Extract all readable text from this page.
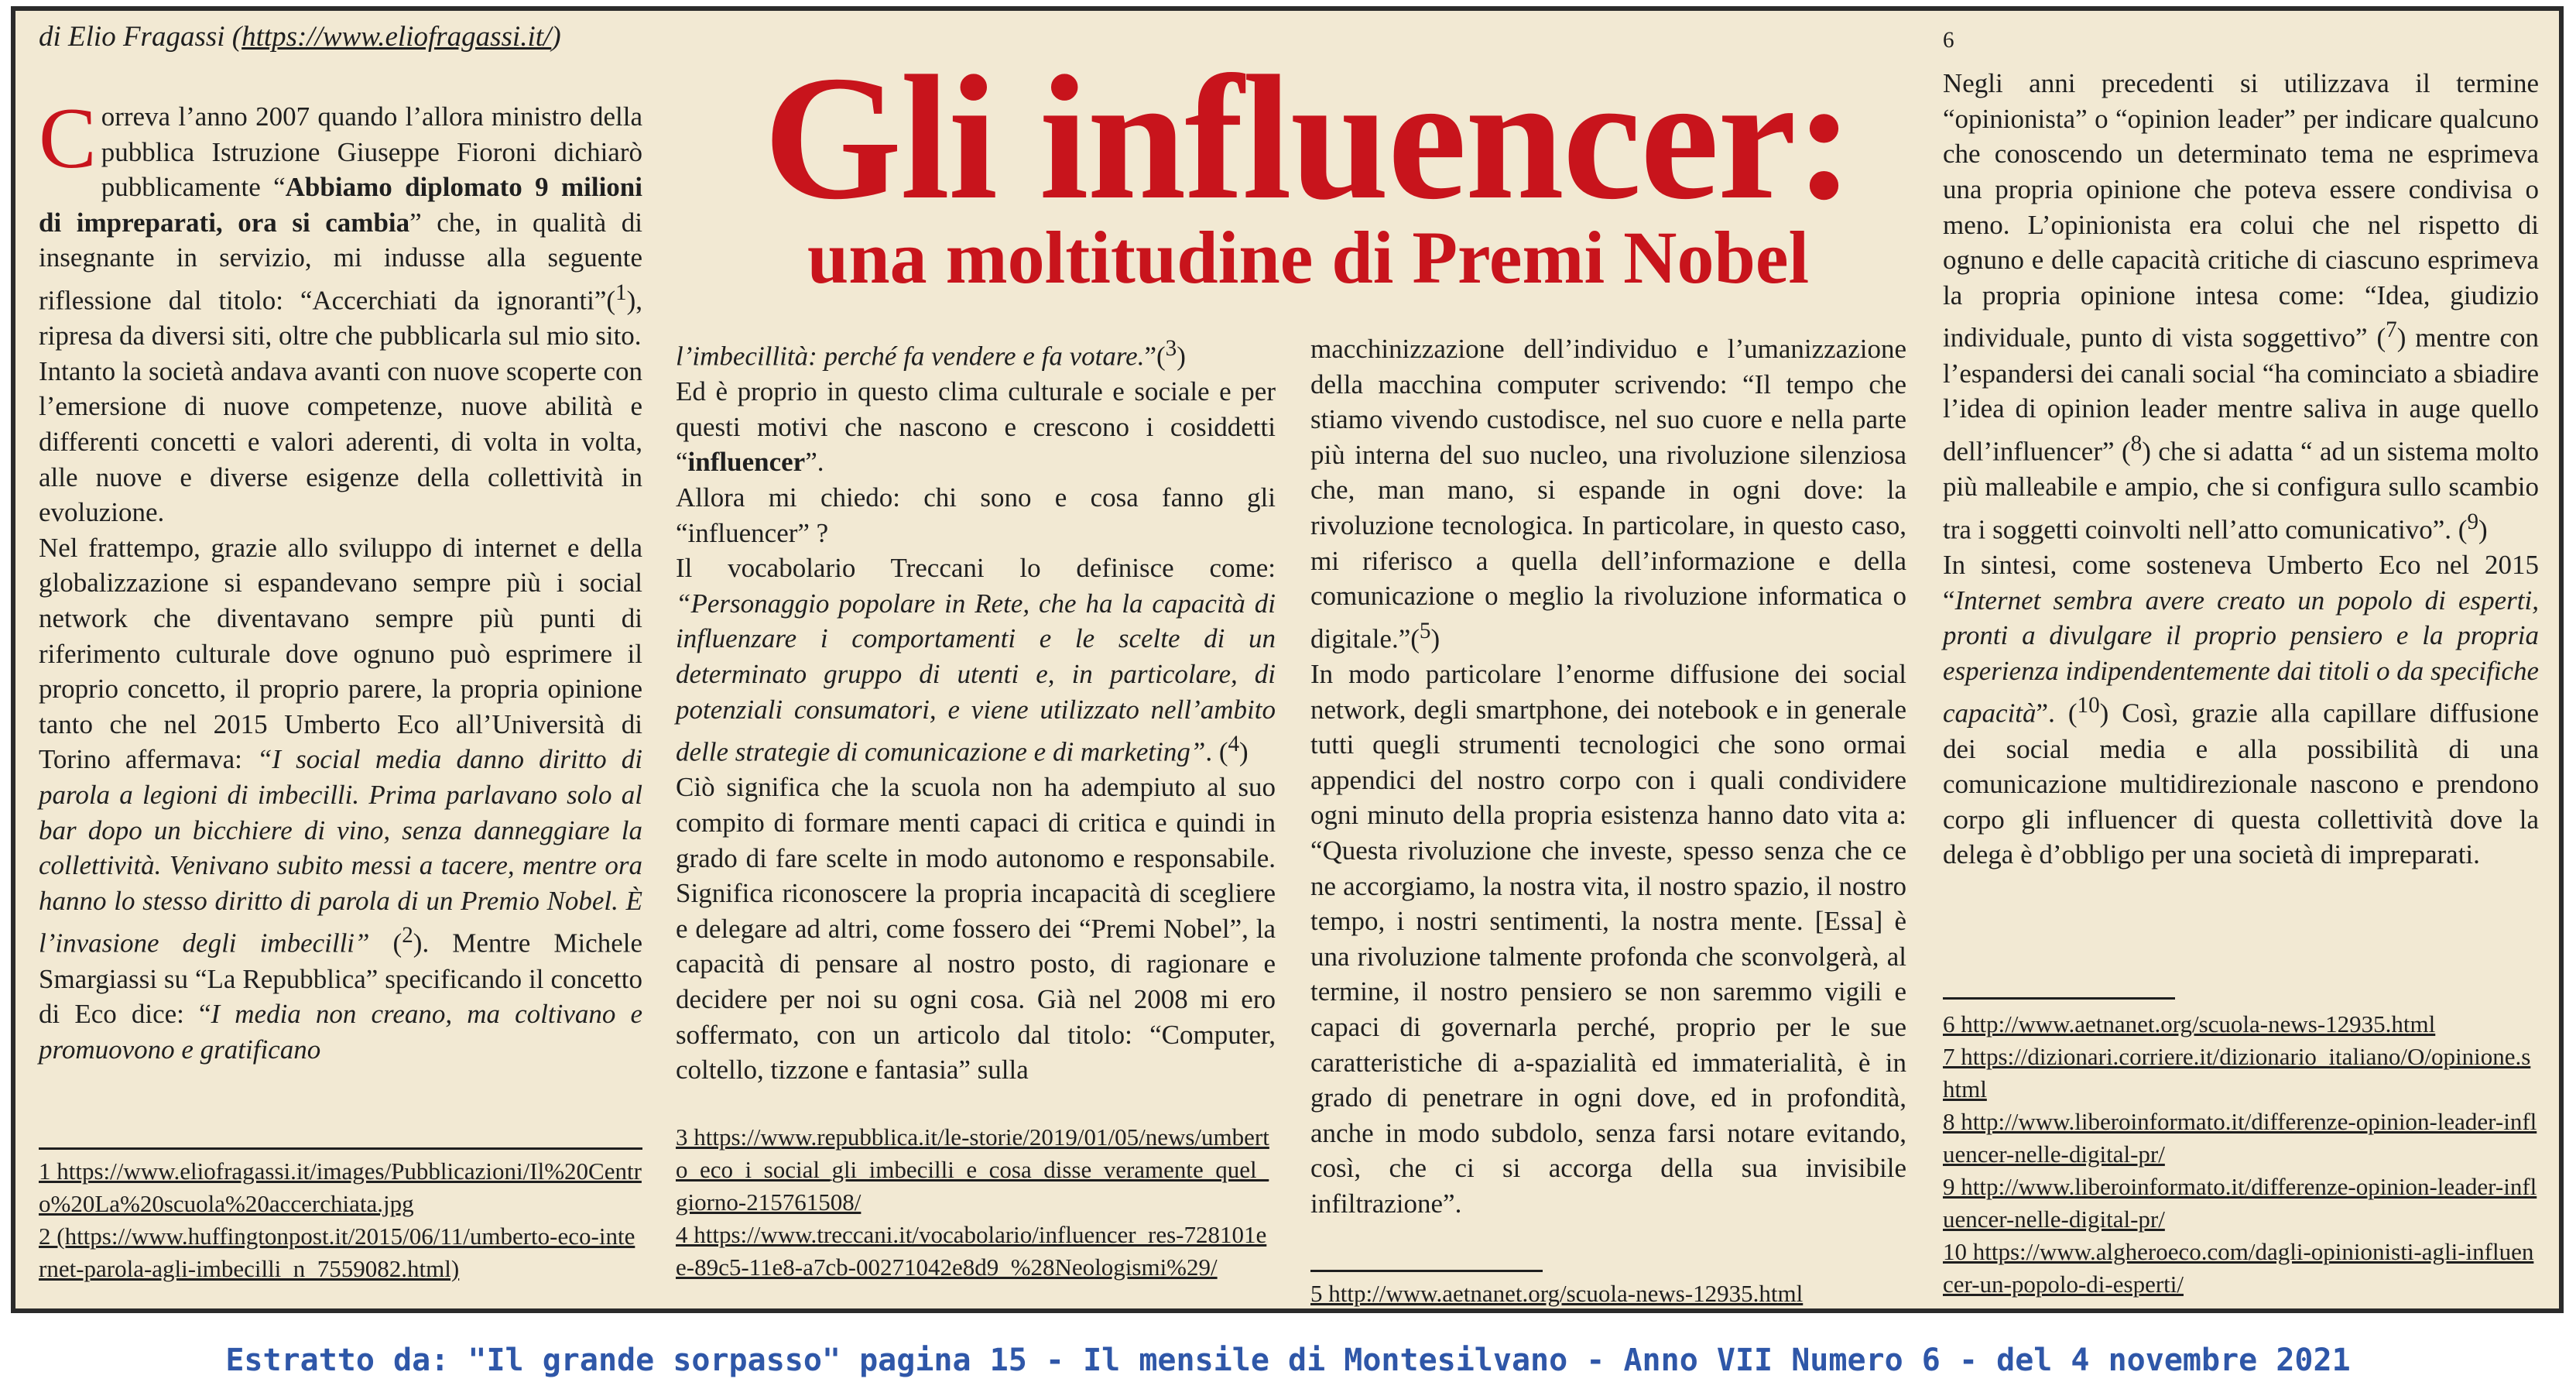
di Elio Fragassi (https://www.eliofragassi.it/)
Gli influencer:
una moltitudine di Premi Nobel

Correva l’anno 2007 quando l’allora ministro della pubblica Istruzione Giuseppe Fioroni dichiarò pubblicamente “Abbiamo diplomato 9 milioni di impreparati, ora si cambia” che, in qualità di insegnante in servizio, mi indusse alla seguente riflessione dal titolo: “Accerchiati da ignoranti”($^1$), ripresa da diversi siti, oltre che pubblicarla sul mio sito.

Intanto la società andava avanti con nuove scoperte con l’emersione di nuove competenze, nuove abilità e differenti concetti e valori aderenti, di volta in volta, alle nuove e diverse esigenze della collettività in evoluzione.

Nel frattempo, grazie allo sviluppo di internet e della globalizzazione si espandevano sempre più i social network che diventavano sempre più punti di riferimento culturale dove ognuno può esprimere il proprio concetto, il proprio parere, la propria opinione tanto che nel 2015 Umberto Eco all’Università di Torino affermava: “I social media danno diritto di parola a legioni di imbecilli. Prima parlavano solo al bar dopo un bicchiere di vino, senza danneggiare la collettività. Venivano subito messi a tacere, mentre ora hanno lo stesso diritto di parola di un Premio Nobel. È l’invasione degli imbecilli” ($^2$). Mentre Michele Smargiassi su “La Repubblica” specificando il concetto di Eco dice: “I media non creano, ma coltivano e promuovono e gratificano

1 https://www.eliofragassi.it/images/Pubblicazioni/Il%20Centro%20La%20scuola%20accerchiata.jpg
2 (https://www.huffingtonpost.it/2015/06/11/umberto-eco-internet-parola-agli-imbecilli_n_7559082.html)

l’imbecillità: perché fa vendere e fa votare.”($^3$)

Ed è proprio in questo clima culturale e sociale e per questi motivi che nascono e crescono i cosiddetti “influencer”.

Allora mi chiedo: chi sono e cosa fanno gli “influencer” ?

Il vocabolario Treccani lo definisce come: “Personaggio popolare in Rete, che ha la capacità di influenzare i comportamenti e le scelte di un determinato gruppo di utenti e, in particolare, di potenziali consumatori, e viene utilizzato nell’ambito delle strategie di comunicazione e di marketing”. ($^4$)

Ciò significa che la scuola non ha adempiuto al suo compito di formare menti capaci di critica e quindi in grado di fare scelte in modo autonomo e responsabile. Significa riconoscere la propria incapacità di scegliere e delegare ad altri, come fossero dei “Premi Nobel”, la capacità di pensare al nostro posto, di ragionare e decidere per noi su ogni cosa. Già nel 2008 mi ero soffermato, con un articolo dal titolo: “Computer, coltello, tizzone e fantasia” sulla

3 https://www.repubblica.it/le-storie/2019/01/05/news/umberto_eco_i_social_gli_imbecilli_e_cosa_disse_veramente_quel_giorno-215761508/
4 https://www.treccani.it/vocabolario/influencer_res-728101ee-89c5-11e8-a7cb-00271042e8d9_%28Neologismi%29/

macchinizzazione dell’individuo e l’umanizzazione della macchina computer scrivendo: “Il tempo che stiamo vivendo custodisce, nel suo cuore e nella parte più interna del suo nucleo, una rivoluzione silenziosa che, man mano, si espande in ogni dove: la rivoluzione tecnologica. In particolare, in questo caso, mi riferisco a quella dell’informazione e della comunicazione o meglio la rivoluzione informatica o digitale.”($^5$)

In modo particolare l’enorme diffusione dei social network, degli smartphone, dei notebook e in generale tutti quegli strumenti tecnologici che sono ormai appendici del nostro corpo con i quali condividere ogni minuto della propria esistenza hanno dato vita a: “Questa rivoluzione che investe, spesso senza che ce ne accorgiamo, la nostra vita, il nostro spazio, il nostro tempo, i nostri sentimenti, la nostra mente. [Essa] è una rivoluzione talmente profonda che sconvolgerà, al termine, il nostro pensiero se non saremmo vigili e capaci di governarla perché, proprio per le sue caratteristiche di a-spazialità ed immaterialità, è in grado di penetrare in ogni dove, ed in profondità, anche in modo subdolo, senza farsi notare evitando, così, che ci si accorga della sua invisibile infiltrazione”.

5 http://www.aetnanet.org/scuola-news-12935.html

$^6$

Negli anni precedenti si utilizzava il termine “opinionista” o “opinion leader” per indicare qualcuno che conoscendo un determinato tema ne esprimeva una propria opinione che poteva essere condivisa o meno. L’opinionista era colui che nel rispetto di ognuno e delle capacità critiche di ciascuno esprimeva la propria opinione intesa come: “Idea, giudizio individuale, punto di vista soggettivo” ($^7$) mentre con l’espandersi dei canali social “ha cominciato a sbiadire l’idea di opinion leader mentre saliva in auge quello dell’influencer” ($^8$) che si adatta “ ad un sistema molto più malleabile e ampio, che si configura sullo scambio tra i soggetti coinvolti nell’atto comunicativo”. ($^9$)

In sintesi, come sosteneva Umberto Eco nel 2015 “Internet sembra avere creato un popolo di esperti, pronti a divulgare il proprio pensiero e la propria esperienza indipendentemente dai titoli o da specifiche capacità”. ($^{10}$) Così, grazie alla capillare diffusione dei social media e alla possibilità di una comunicazione multidirezionale nascono e prendono corpo gli influencer di questa collettività dove la delega è d’obbligo per una società di impreparati.

6 http://www.aetnanet.org/scuola-news-12935.html
7 https://dizionari.corriere.it/dizionario_italiano/O/opinione.shtml
8 http://www.liberoinformato.it/differenze-opinion-leader-influencer-nelle-digital-pr/
9 http://www.liberoinformato.it/differenze-opinion-leader-influencer-nelle-digital-pr/
10 https://www.algheroeco.com/dagli-opinionisti-agli-influencer-un-popolo-di-esperti/
Estratto da: "Il grande sorpasso" pagina 15 - Il mensile di Montesilvano - Anno VII Numero 6 - del 4 novembre 2021
